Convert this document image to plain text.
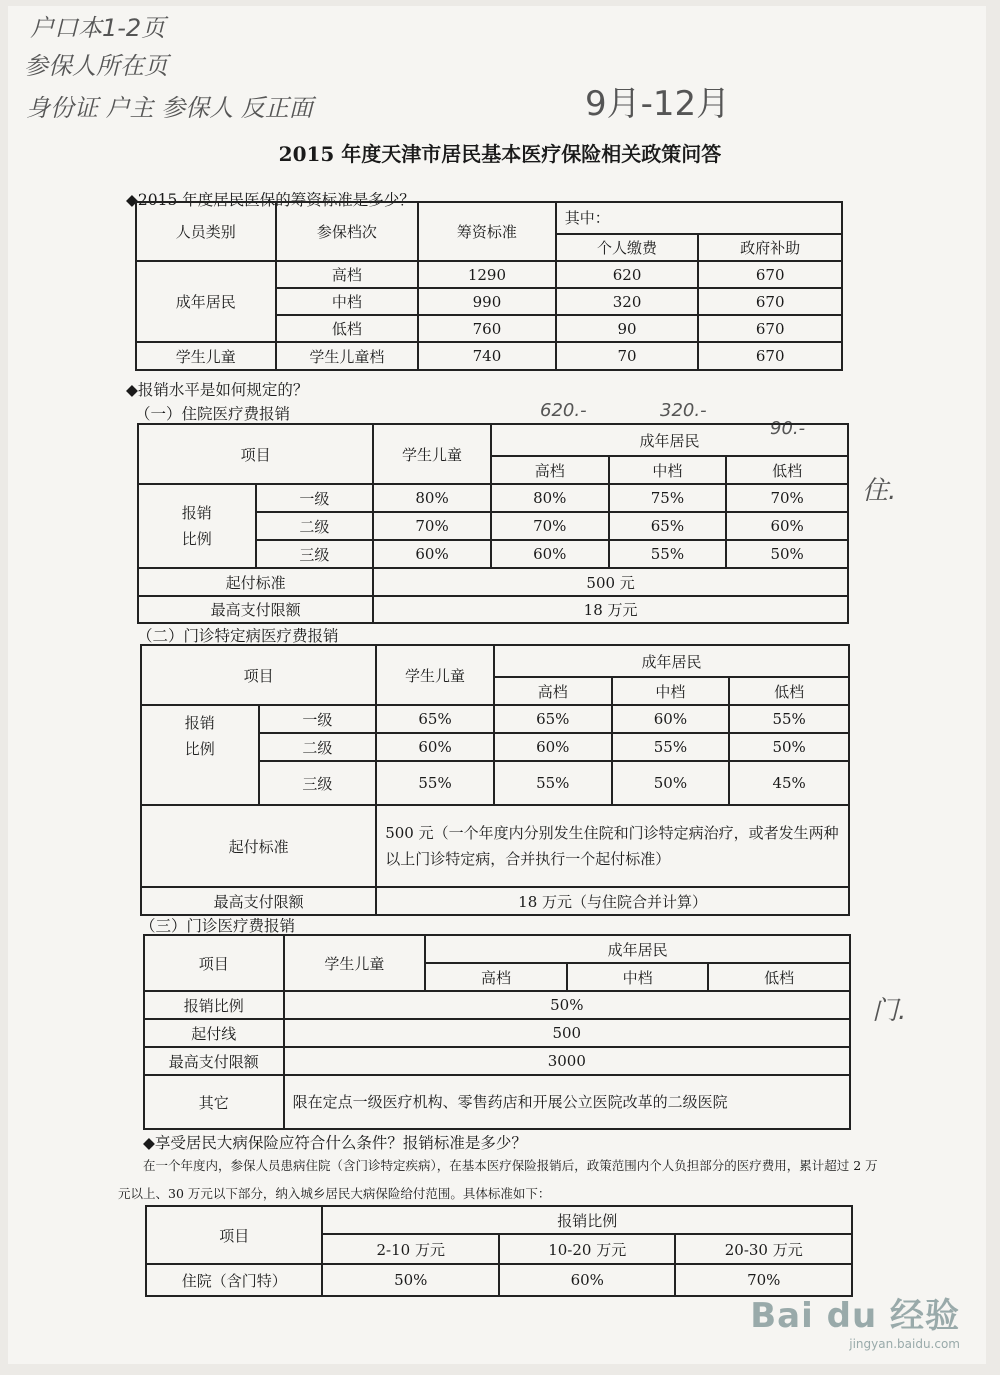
户口本1-2页
参保人所在页
身份证 户主 参保人 反正面	9月-12月
620.-	320.-
90.-
住.
门.
2015 年度天津市居民基本医疗保险相关政策问答
◆2015 年度居民医保的筹资标准是多少？
人员类别	参保档次	筹资标准	其中：	
			个人缴费	政府补助
成年居民	高档	1290	620	670
	中档	990	320	670
	低档	760	90	670
学生儿童	学生儿童档	740	70	670
◆报销水平是如何规定的？
（一）住院医疗费报销
项目		学生儿童	成年居民		
			高档	中档	低档
报销
比例	一级	80%	80%	75%	70%
	二级	70%	70%	65%	60%
	三级	60%	60%	55%	50%
起付标准		500 元			
最高支付限额		18 万元			
（二）门诊特定病医疗费报销
项目		学生儿童	成年居民		
			高档	中档	低档
报销
比例	一级	65%	65%	60%	55%
	二级	60%	60%	55%	50%
	三级	55%	55%	50%	45%
起付标准		500 元（一个年度内分别发生住院和门诊特定病治疗，或者发生两种以上门诊特定病，合并执行一个起付标准）			
最高支付限额		18 万元（与住院合并计算）			
（三）门诊医疗费报销
项目	学生儿童	成年居民		
		高档	中档	低档
报销比例	50%			
起付线	500			
最高支付限额	3000			
其它	限在定点一级医疗机构、零售药店和开展公立医院改革的二级医院			
◆享受居民大病保险应符合什么条件？报销标准是多少？
在一个年度内，参保人员患病住院（含门诊特定疾病），在基本医疗保险报销后，政策范围内个人负担部分的医疗费用，累计超过 2 万元以上、30 万元以下部分，纳入城乡居民大病保险给付范围。具体标准如下：
项目	报销比例		
	2-10 万元	10-20 万元	20-30 万元
住院（含门特）	50%	60%	70%
Bai du 经验
jingyan.baidu.com
